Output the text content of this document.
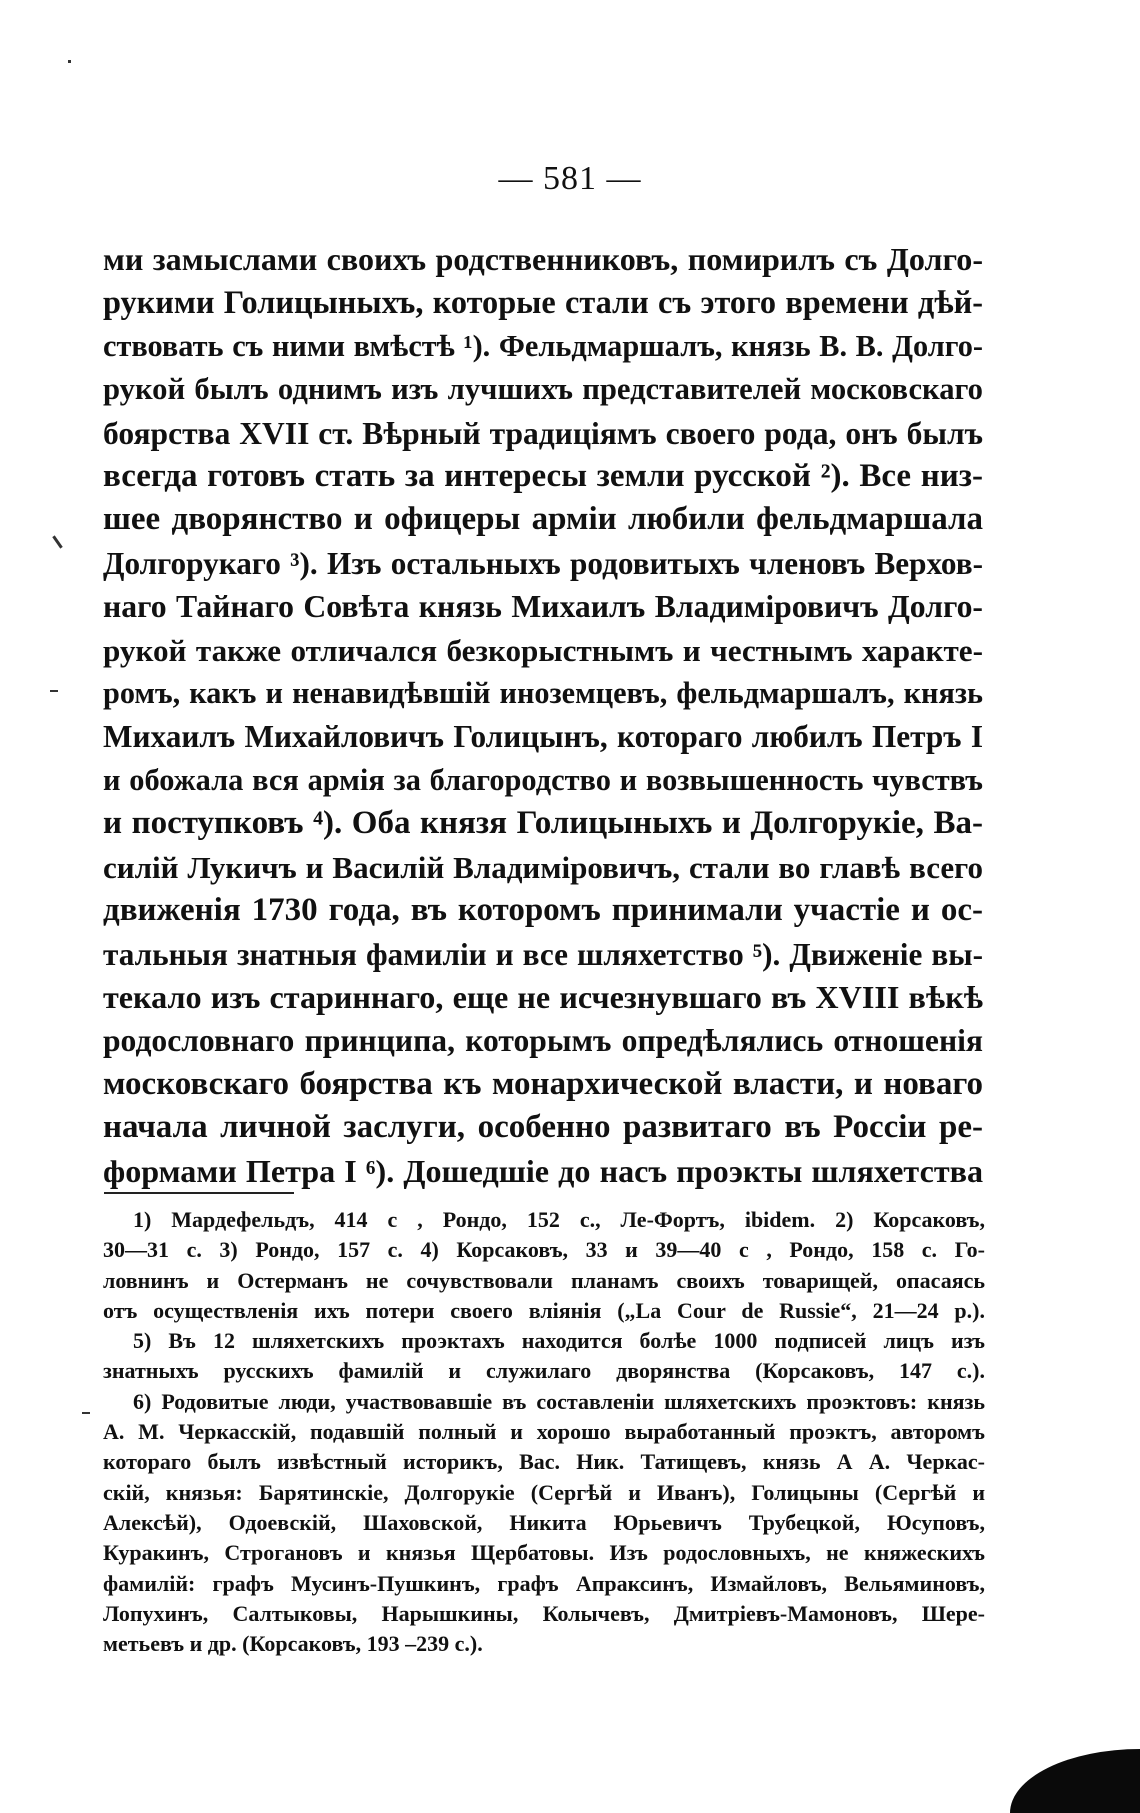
— 581 —
ми замыслами своихъ родственниковъ, помирилъ съ Долго-
рукими Голицыныхъ, которые стали съ этого времени дѣй-
ствовать съ ними вмѣстѣ ¹). Фельдмаршалъ, князь В. В. Долго-
рукой былъ однимъ изъ лучшихъ представителей московскаго
боярства XVII ст. Вѣрный традиціямъ своего рода, онъ былъ
всегда готовъ стать за интересы земли русской ²). Все низ-
шее дворянство и офицеры арміи любили фельдмаршала
Долгорукаго ³). Изъ остальныхъ родовитыхъ членовъ Верхов-
наго Тайнаго Совѣта князь Михаилъ Владиміровичъ Долго-
рукой также отличался безкорыстнымъ и честнымъ характе-
ромъ, какъ и ненавидѣвшій иноземцевъ, фельдмаршалъ, князь
Михаилъ Михайловичъ Голицынъ, котораго любилъ Петръ I
и обожала вся армія за благородство и возвышенность чувствъ
и поступковъ ⁴). Оба князя Голицыныхъ и Долгорукіе, Ва-
силій Лукичъ и Василій Владиміровичъ, стали во главѣ всего
движенія 1730 года, въ которомъ принимали участіе и ос-
тальныя знатныя фамиліи и все шляхетство ⁵). Движеніе вы-
текало изъ стариннаго, еще не исчезнувшаго въ XVIII вѣкѣ
родословнаго принципа, которымъ опредѣлялись отношенія
московскаго боярства къ монархической власти, и новаго
начала личной заслуги, особенно развитаго въ Россіи ре-
формами Петра I ⁶). Дошедшіе до насъ проэкты шляхетства
1) Мардефельдъ, 414 с , Рондо, 152 с., Ле-Фортъ, ibidem. 2) Корсаковъ,
30—31 с. 3) Рондо, 157 с. 4) Корсаковъ, 33 и 39—40 с , Рондо, 158 с. Го-
ловнинъ и Остерманъ не сочувствовали планамъ своихъ товарищей, опасаясь
отъ осуществленія ихъ потери своего вліянія („La Cour de Russie“, 21—24 p.).
5) Въ 12 шляхетскихъ проэктахъ находится болѣе 1000 подписей лицъ изъ
знатныхъ русскихъ фамилій и служилаго дворянства (Корсаковъ, 147 с.).
6) Родовитые люди, участвовавшіе въ составленіи шляхетскихъ проэктовъ: князь
А. М. Черкасскій, подавшій полный и хорошо выработанный проэктъ, авторомъ
котораго былъ извѣстный историкъ, Вас. Ник. Татищевъ, князь А А. Черкас-
скій, князья: Барятинскіе, Долгорукіе (Сергѣй и Иванъ), Голицыны (Сергѣй и
Алексѣй), Одоевскій, Шаховской, Никита Юрьевичъ Трубецкой, Юсуповъ,
Куракинъ, Строгановъ и князья Щербатовы. Изъ родословныхъ, не княжескихъ
фамилій: графъ Мусинъ-Пушкинъ, графъ Апраксинъ, Измайловъ, Вельяминовъ,
Лопухинъ, Салтыковы, Нарышкины, Колычевъ, Дмитріевъ-Мамоновъ, Шере-
метьевъ и др. (Корсаковъ, 193 –239 с.).
